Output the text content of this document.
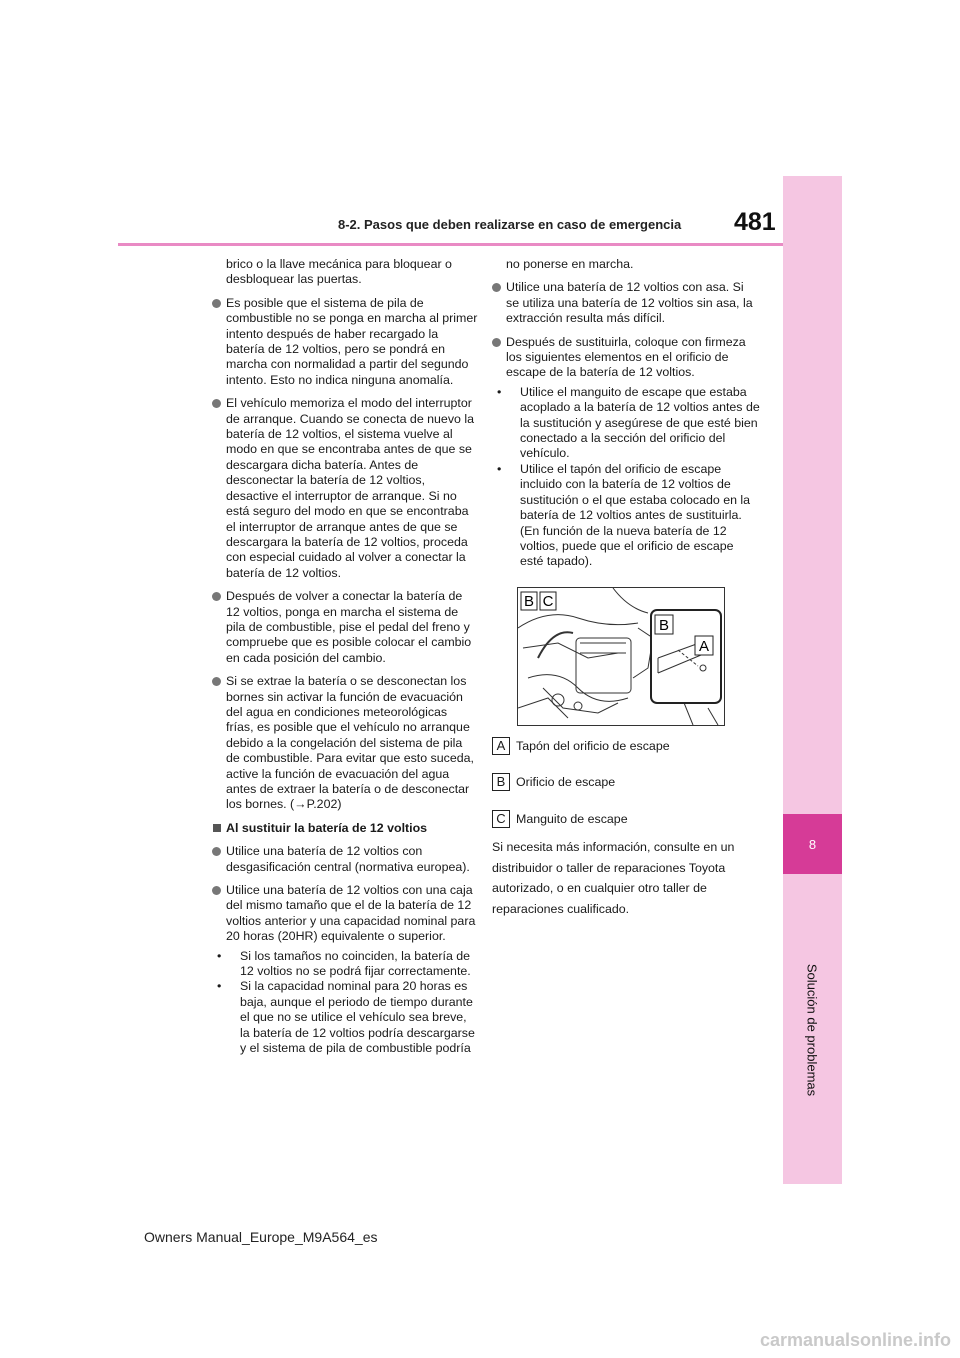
8
Solución de problemas
8-2. Pasos que deben realizarse en caso de emergencia 481

brico o la llave mecánica para bloquear o desbloquear las puertas.

Es posible que el sistema de pila de combustible no se ponga en marcha al primer intento después de haber recargado la batería de 12 voltios, pero se pondrá en marcha con normalidad a partir del segundo intento. Esto no indica ninguna anomalía.

El vehículo memoriza el modo del interruptor de arranque. Cuando se conecta de nuevo la batería de 12 voltios, el sistema vuelve al modo en que se encontraba antes de que se descargara dicha batería. Antes de desconectar la batería de 12 voltios, desactive el interruptor de arranque. Si no está seguro del modo en que se encontraba el interruptor de arranque antes de que se descargara la batería de 12 voltios, proceda con especial cuidado al volver a conectar la batería de 12 voltios.

Después de volver a conectar la batería de 12 voltios, ponga en marcha el sistema de pila de combustible, pise el pedal del freno y compruebe que es posible colocar el cambio en cada posición del cambio.

Si se extrae la batería o se desconectan los bornes sin activar la función de evacuación del agua en condiciones meteorológicas frías, es posible que el vehículo no arranque debido a la congelación del sistema de pila de combustible. Para evitar que esto suceda, active la función de evacuación del agua antes de extraer la batería o de desconectar los bornes. (→P.202)

Al sustituir la batería de 12 voltios

Utilice una batería de 12 voltios con desgasificación central (normativa europea).

Utilice una batería de 12 voltios con una caja del mismo tamaño que el de la batería de 12 voltios anterior y una capacidad nominal para 20 horas (20HR) equivalente o superior.

• Si los tamaños no coinciden, la batería de 12 voltios no se podrá fijar correctamente.

• Si la capacidad nominal para 20 horas es baja, aunque el periodo de tiempo durante el que no se utilice el vehículo sea breve, la batería de 12 voltios podría descargarse y el sistema de pila de combustible podría

no ponerse en marcha.

Utilice una batería de 12 voltios con asa. Si se utiliza una batería de 12 voltios sin asa, la extracción resulta más difícil.

Después de sustituirla, coloque con firmeza los siguientes elementos en el orificio de escape de la batería de 12 voltios.

• Utilice el manguito de escape que estaba acoplado a la batería de 12 voltios antes de la sustitución y asegúrese de que esté bien conectado a la sección del orificio del vehículo.

• Utilice el tapón del orificio de escape incluido con la batería de 12 voltios de sustitución o el que estaba colocado en la batería de 12 voltios antes de sustituirla. (En función de la nueva batería de 12 voltios, puede que el orificio de escape esté tapado).

B C
B
A
A Tapón del orificio de escape
B Orificio de escape
C Manguito de escape

Si necesita más información, consulte en un distribuidor o taller de reparaciones Toyota autorizado, o en cualquier otro taller de reparaciones cualificado.

Owners Manual_Europe_M9A564_es
carmanualsonline.info
